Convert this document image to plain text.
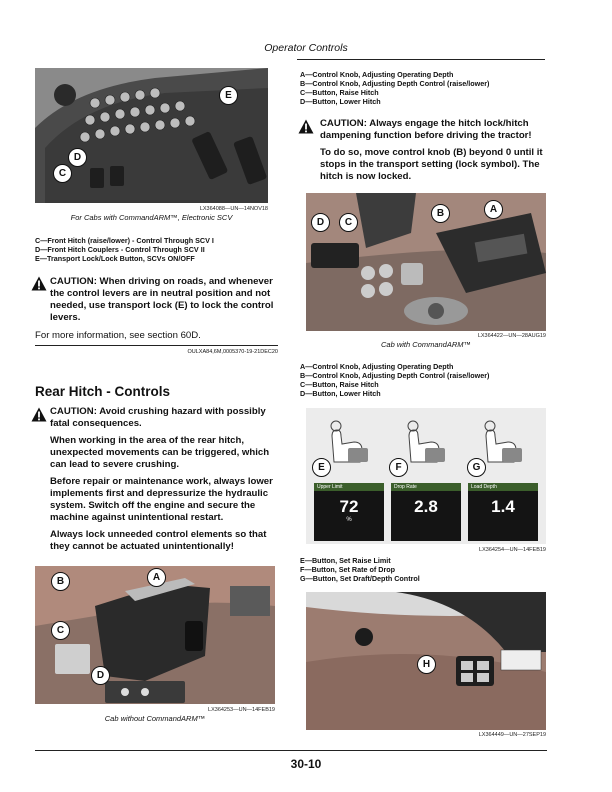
Operator Controls
E
D
C
LX364088—UN—14NOV18
For Cabs with CommandARM™, Electronic SCV
C—Front Hitch (raise/lower) - Control Through SCV I
D—Front Hitch Couplers - Control Through SCV II
E—Transport Lock/Lock Button, SCVs ON/OFF
CAUTION: When driving on roads, and whenever the control levers are in neutral position and not needed, use transport lock (E) to lock the control levers.
For more information, see section 60D.
OULXA84,6M,0005370-19-21DEC20
Rear Hitch - Controls

CAUTION: Avoid crushing hazard with possibly fatal consequences.

When working in the area of the rear hitch, unexpected movements can be triggered, which can lead to severe crushing.

Before repair or maintenance work, always lower implements first and depressurize the hydraulic system. Switch off the engine and secure the machine against unintentional restart.

Always lock unneeded control elements so that they cannot be actuated unintentionally!

A
B
C
D
LX364253—UN—14FEB19
Cab without CommandARM™
A—Control Knob, Adjusting Operating Depth
B—Control Knob, Adjusting Depth Control (raise/lower)
C—Button, Raise Hitch
D—Button, Lower Hitch

CAUTION: Always engage the hitch lock/hitch dampening function before driving the tractor!

To do so, move control knob (B) beyond 0 until it stops in the transport setting (lock symbol). The hitch is now locked.

A
B
C
D
LX364422—UN—28AUG19
Cab with CommandARM™
A—Control Knob, Adjusting Operating Depth
B—Control Knob, Adjusting Depth Control (raise/lower)
C—Button, Raise Hitch
D—Button, Lower Hitch
E	F	G
Upper Limit
72
%
Drop Rate
2.8
Load Depth
1.4
LX364254—UN—14FEB19
E—Button, Set Raise Limit
F—Button, Set Rate of Drop
G—Button, Set Draft/Depth Control
H
LX364449—UN—27SEP19
30-10
